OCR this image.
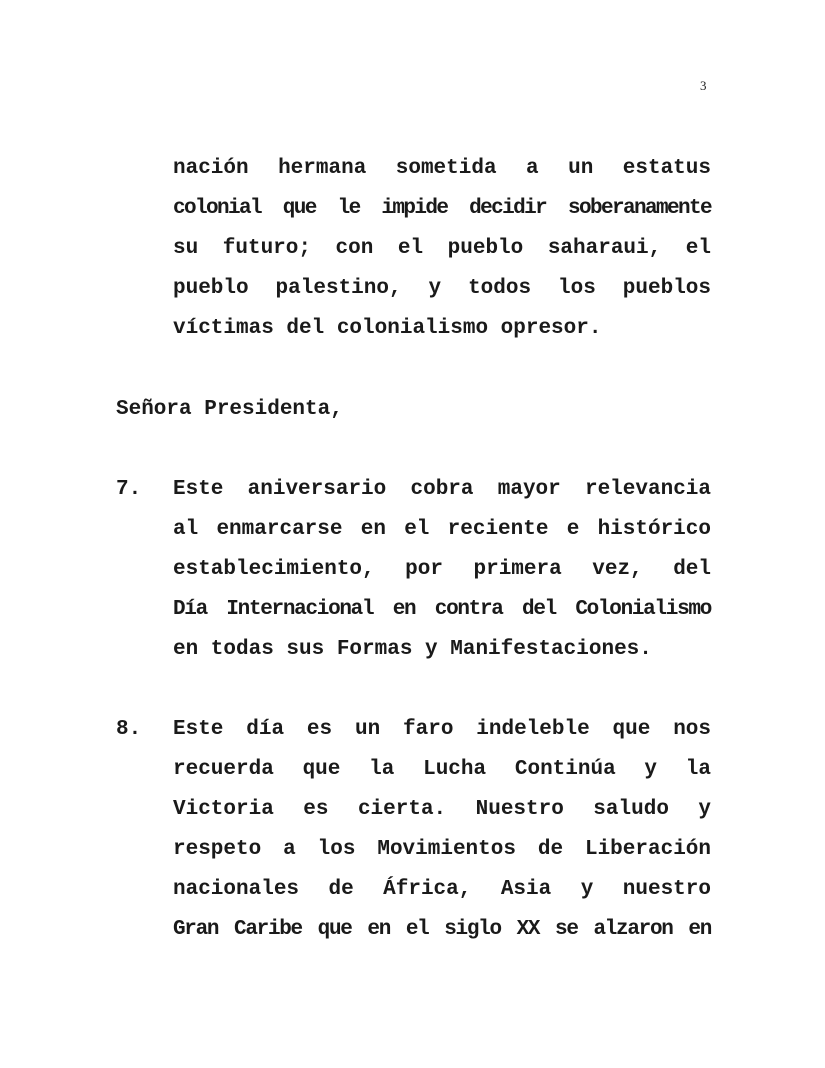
3
nación hermana sometida a un estatus
colonial que le impide decidir soberanamente
su futuro; con el pueblo saharaui, el
pueblo palestino, y todos los pueblos
víctimas del colonialismo opresor.
Señora Presidenta,
7. Este aniversario cobra mayor relevancia
al enmarcarse en el reciente e histórico
establecimiento, por primera vez, del
Día Internacional en contra del Colonialismo
en todas sus Formas y Manifestaciones.
8. Este día es un faro indeleble que nos
recuerda que la Lucha Continúa y la
Victoria es cierta. Nuestro saludo y
respeto a los Movimientos de Liberación
nacionales de África, Asia y nuestro
Gran Caribe que en el siglo XX se alzaron en
